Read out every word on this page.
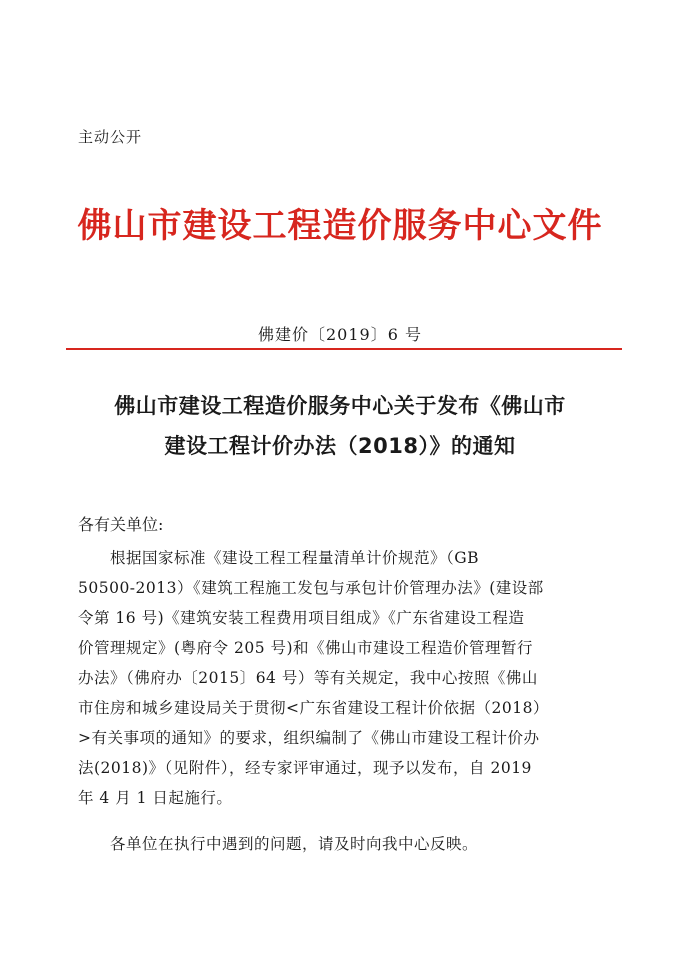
主动公开
佛山市建设工程造价服务中心文件
佛建价〔2019〕6 号
佛山市建设工程造价服务中心关于发布《佛山市
建设工程计价办法（2018）》的通知
各有关单位:
根据国家标准《建设工程工程量清单计价规范》（GB
50500-2013）《建筑工程施工发包与承包计价管理办法》(建设部
令第 16 号)《建筑安装工程费用项目组成》《广东省建设工程造
价管理规定》(粤府令 205 号)和《佛山市建设工程造价管理暂行
办法》（佛府办〔2015〕64 号）等有关规定，我中心按照《佛山
市住房和城乡建设局关于贯彻<广东省建设工程计价依据（2018）
>有关事项的通知》的要求，组织编制了《佛山市建设工程计价办
法(2018)》（见附件），经专家评审通过，现予以发布，自 2019
年 4 月 1 日起施行。
各单位在执行中遇到的问题，请及时向我中心反映。
